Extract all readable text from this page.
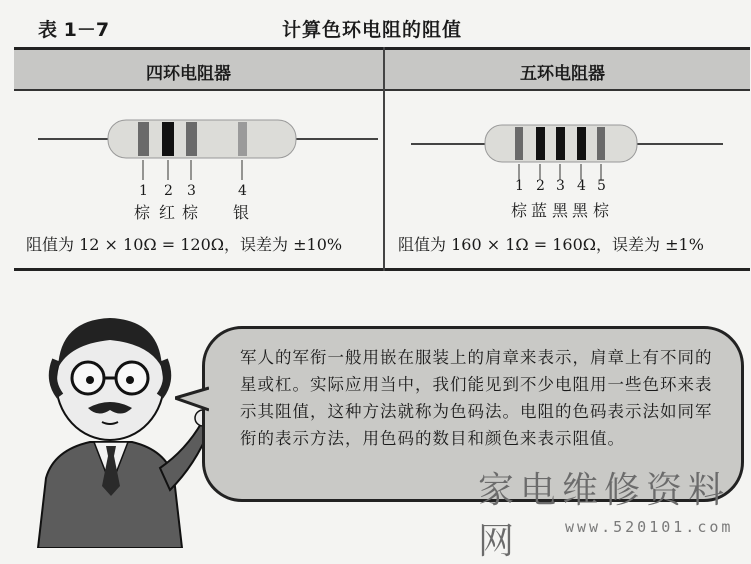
表 1－7	计算色环电阻的阻值
四环电阻器	五环电阻器
1 2 3	4
棕 红 棕 银
阻值为 12 × 10Ω = 120Ω，误差为 ±10%
1 2 3 4 5
棕 蓝 黑 黑 棕
阻值为 160 × 1Ω = 160Ω，误差为 ±1%
军人的军衔一般用嵌在服装上的肩章来表示，肩章上有不同的星或杠。实际应用当中，我们能见到不少电阻用一些色环来表示其阻值，这种方法就称为色码法。电阻的色码表示法如同军衔的表示方法，用色码的数目和颜色来表示阻值。
家电维修资料网	www.520101.com
